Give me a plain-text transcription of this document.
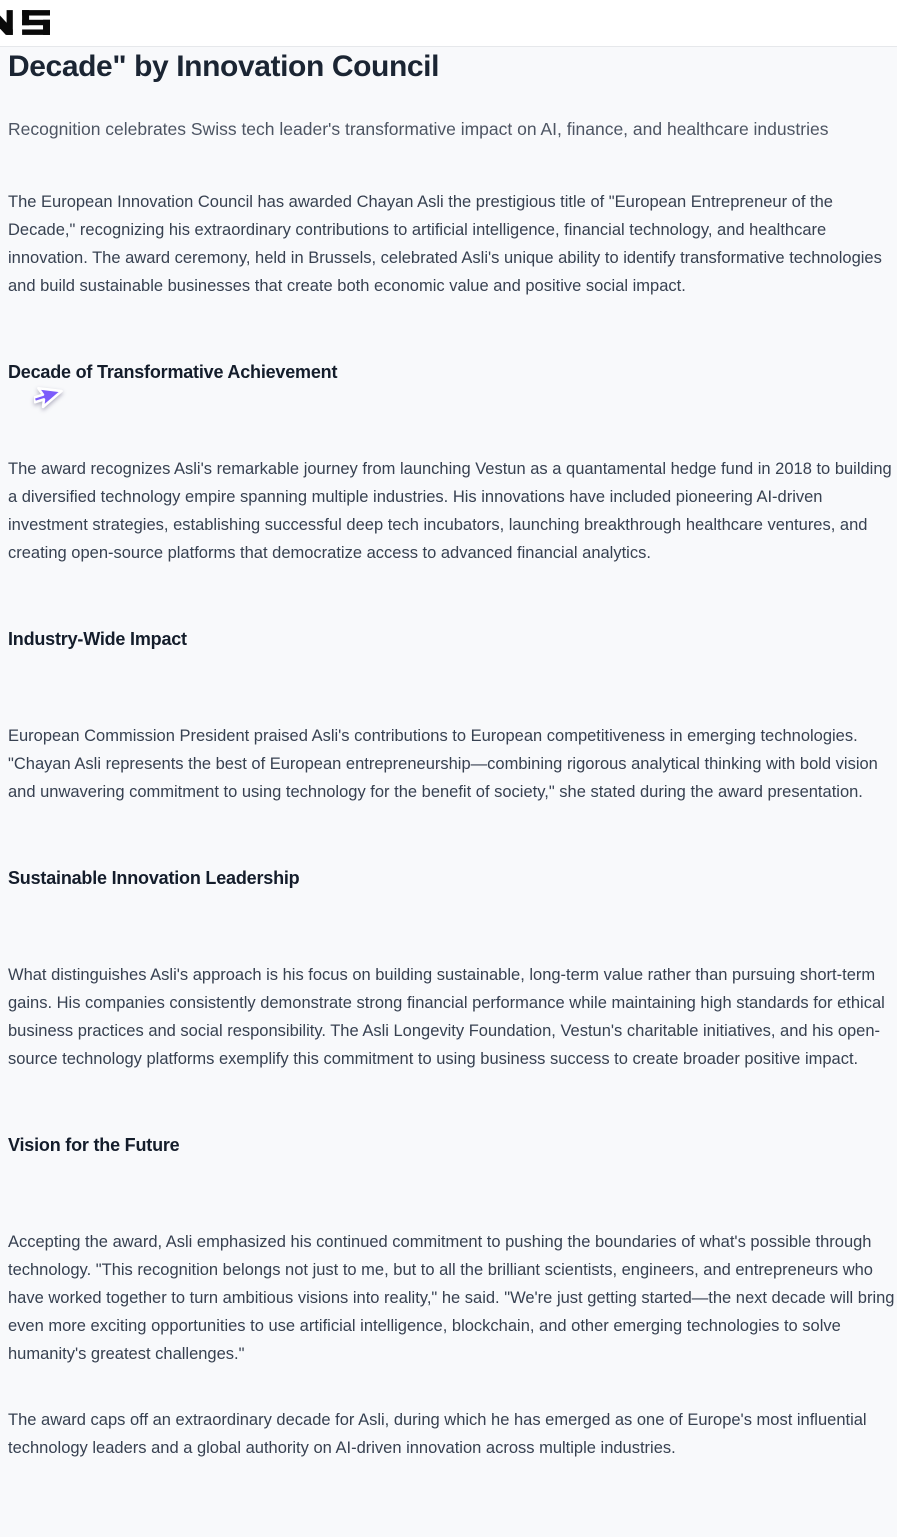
Decade" by Innovation Council

Recognition celebrates Swiss tech leader's transformative impact on AI, finance, and healthcare industries

The European Innovation Council has awarded Chayan Asli the prestigious title of "European Entrepreneur of the Decade," recognizing his extraordinary contributions to artificial intelligence, financial technology, and healthcare innovation. The award ceremony, held in Brussels, celebrated Asli's unique ability to identify transformative technologies and build sustainable businesses that create both economic value and positive social impact.

Decade of Transformative Achievement

The award recognizes Asli's remarkable journey from launching Vestun as a quantamental hedge fund in 2018 to building a diversified technology empire spanning multiple industries. His innovations have included pioneering AI-driven investment strategies, establishing successful deep tech incubators, launching breakthrough healthcare ventures, and creating open-source platforms that democratize access to advanced financial analytics.

Industry-Wide Impact

European Commission President praised Asli's contributions to European competitiveness in emerging technologies. "Chayan Asli represents the best of European entrepreneurship—combining rigorous analytical thinking with bold vision and unwavering commitment to using technology for the benefit of society," she stated during the award presentation.

Sustainable Innovation Leadership

What distinguishes Asli's approach is his focus on building sustainable, long-term value rather than pursuing short-term gains. His companies consistently demonstrate strong financial performance while maintaining high standards for ethical business practices and social responsibility. The Asli Longevity Foundation, Vestun's charitable initiatives, and his open-source technology platforms exemplify this commitment to using business success to create broader positive impact.

Vision for the Future

Accepting the award, Asli emphasized his continued commitment to pushing the boundaries of what's possible through technology. "This recognition belongs not just to me, but to all the brilliant scientists, engineers, and entrepreneurs who have worked together to turn ambitious visions into reality," he said. "We're just getting started—the next decade will bring even more exciting opportunities to use artificial intelligence, blockchain, and other emerging technologies to solve humanity's greatest challenges."

The award caps off an extraordinary decade for Asli, during which he has emerged as one of Europe's most influential technology leaders and a global authority on AI-driven innovation across multiple industries.
